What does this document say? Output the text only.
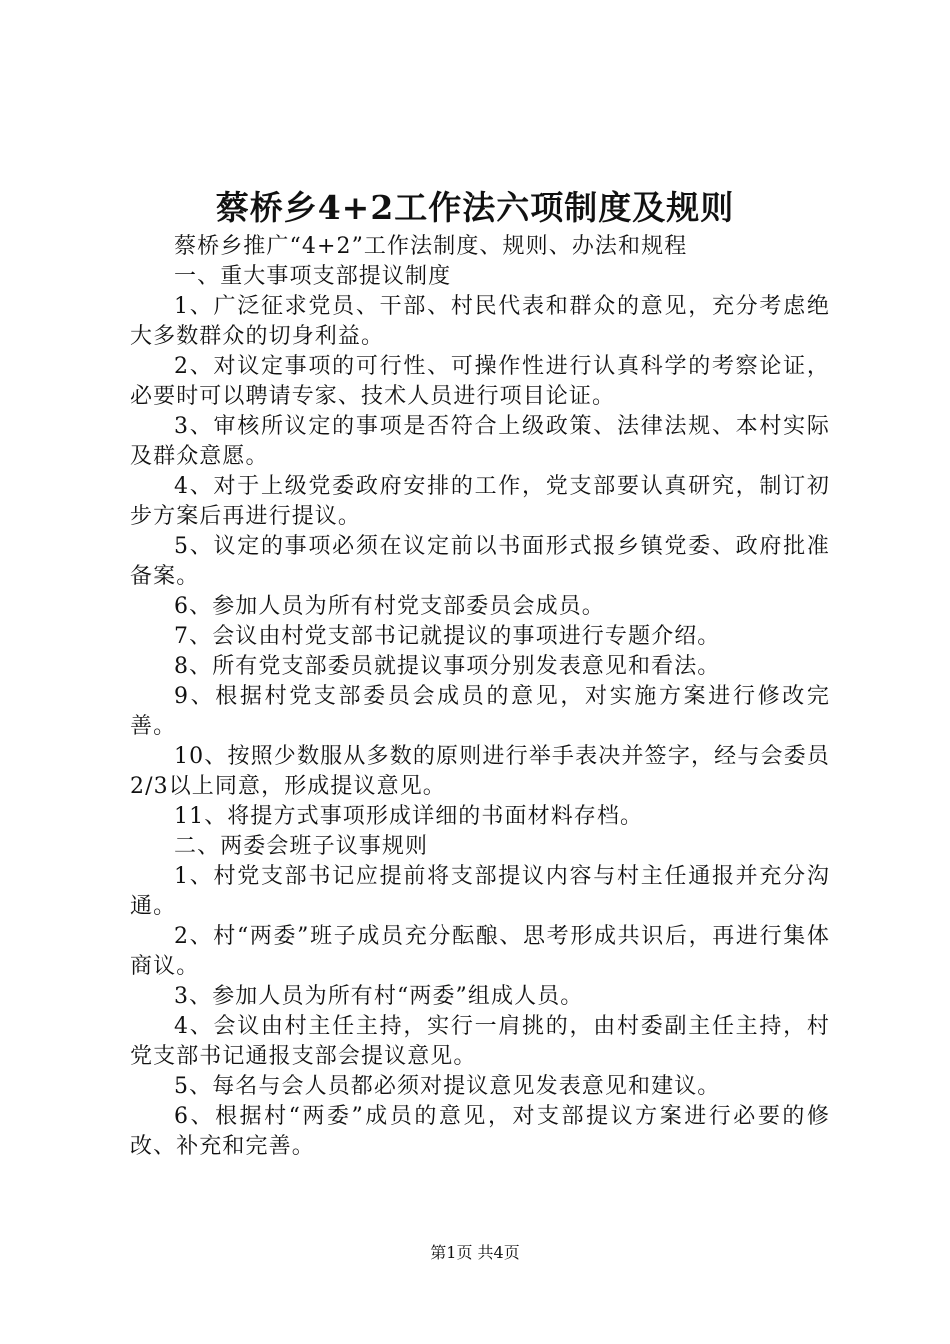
蔡桥乡4+2工作法六项制度及规则

蔡桥乡推广“4+2”工作法制度、规则、办法和规程

一、重大事项支部提议制度

1、广泛征求党员、干部、村民代表和群众的意见，充分考虑绝大多数群众的切身利益。

2、对议定事项的可行性、可操作性进行认真科学的考察论证，必要时可以聘请专家、技术人员进行项目论证。

3、审核所议定的事项是否符合上级政策、法律法规、本村实际及群众意愿。

4、对于上级党委政府安排的工作，党支部要认真研究，制订初步方案后再进行提议。

5、议定的事项必须在议定前以书面形式报乡镇党委、政府批准备案。

6、参加人员为所有村党支部委员会成员。

7、会议由村党支部书记就提议的事项进行专题介绍。

8、所有党支部委员就提议事项分别发表意见和看法。

9、根据村党支部委员会成员的意见，对实施方案进行修改完善。

10、按照少数服从多数的原则进行举手表决并签字，经与会委员2/3以上同意，形成提议意见。

11、将提方式事项形成详细的书面材料存档。

二、两委会班子议事规则

1、村党支部书记应提前将支部提议内容与村主任通报并充分沟通。

2、村“两委”班子成员充分酝酿、思考形成共识后，再进行集体商议。

3、参加人员为所有村“两委”组成人员。

4、会议由村主任主持，实行一肩挑的，由村委副主任主持，村党支部书记通报支部会提议意见。

5、每名与会人员都必须对提议意见发表意见和建议。

6、根据村“两委”成员的意见，对支部提议方案进行必要的修改、补充和完善。

第1页 共4页
